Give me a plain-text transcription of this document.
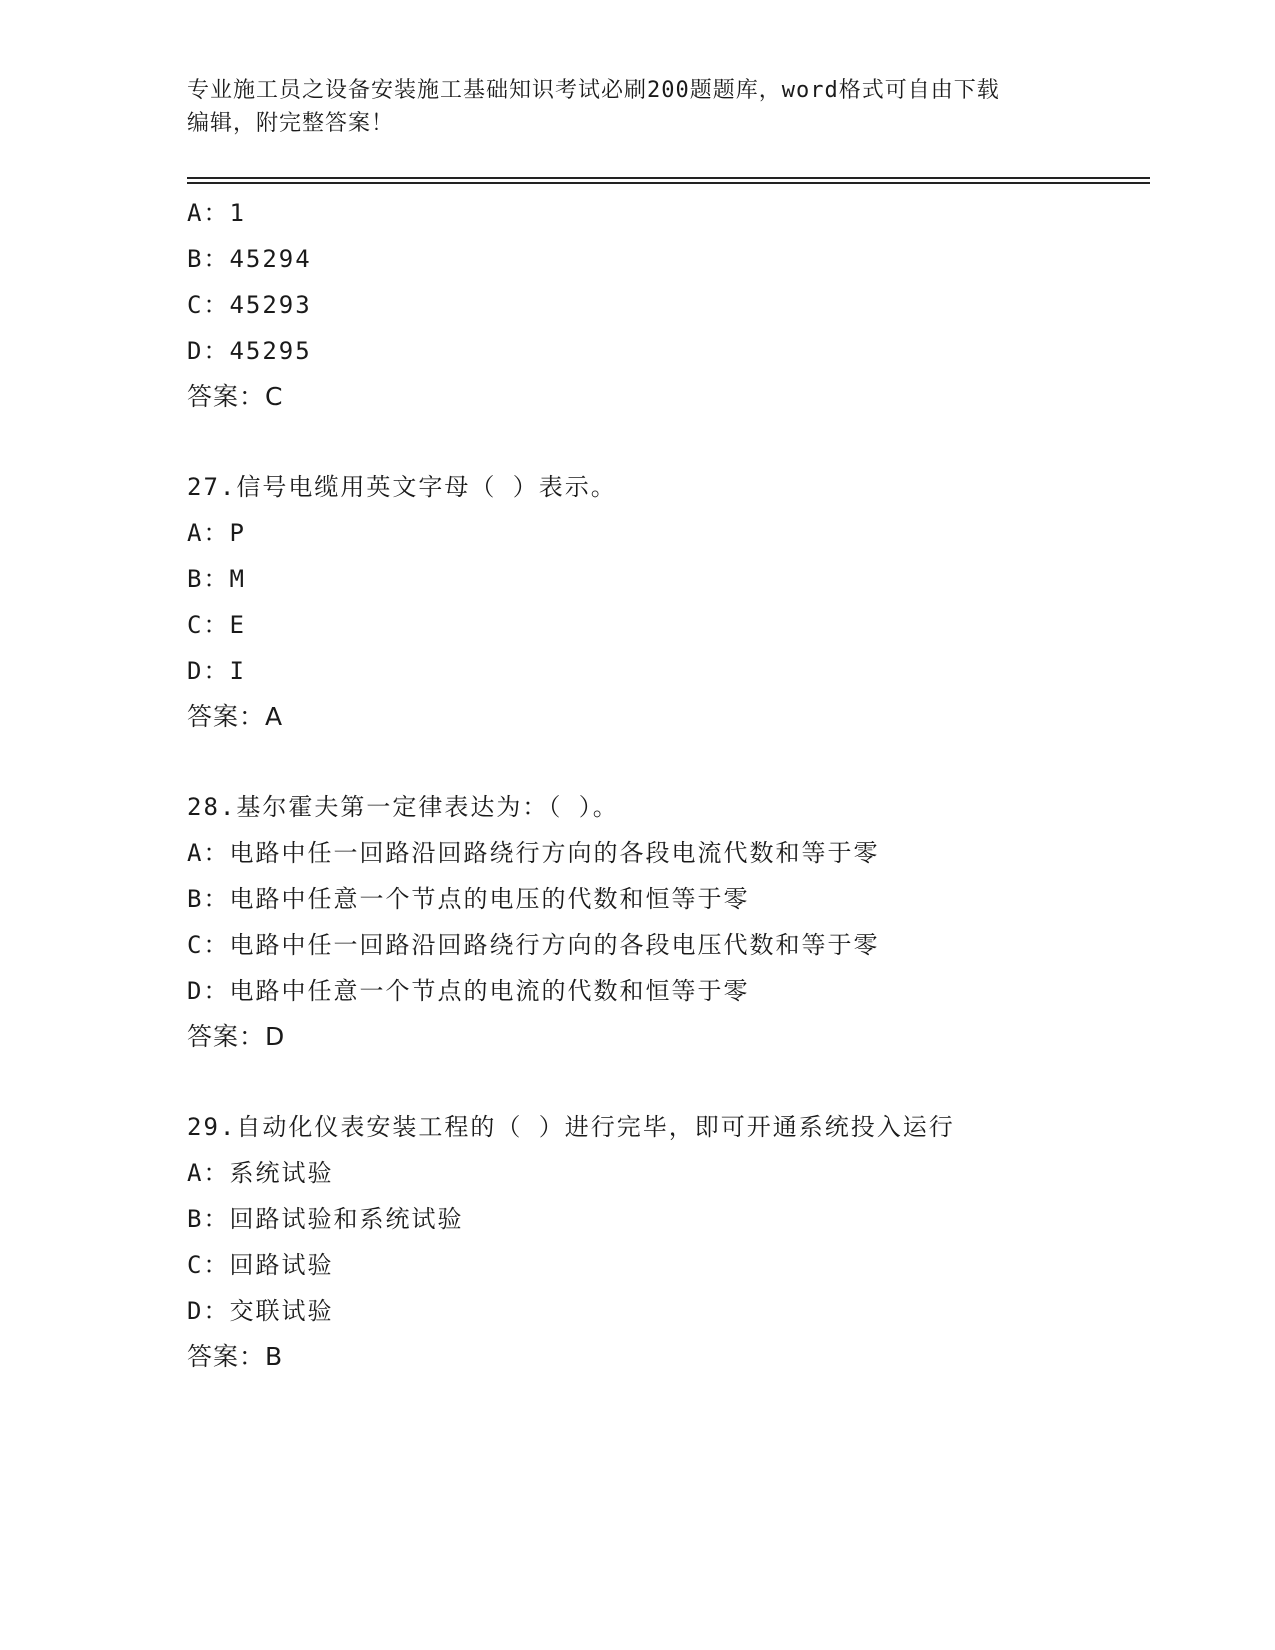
专业施工员之设备安装施工基础知识考试必刷200题题库，word格式可自由下载
编辑，附完整答案！
A：1
B：45294
C：45293
D：45295
答案：C
27.信号电缆用英文字母（ ）表示。
A：P
B：M
C：E
D：I
答案：A
28.基尔霍夫第一定律表达为：（ ）。
A：电路中任一回路沿回路绕行方向的各段电流代数和等于零
B：电路中任意一个节点的电压的代数和恒等于零
C：电路中任一回路沿回路绕行方向的各段电压代数和等于零
D：电路中任意一个节点的电流的代数和恒等于零
答案：D
29.自动化仪表安装工程的（ ）进行完毕，即可开通系统投入运行
A：系统试验
B：回路试验和系统试验
C：回路试验
D：交联试验
答案：B
